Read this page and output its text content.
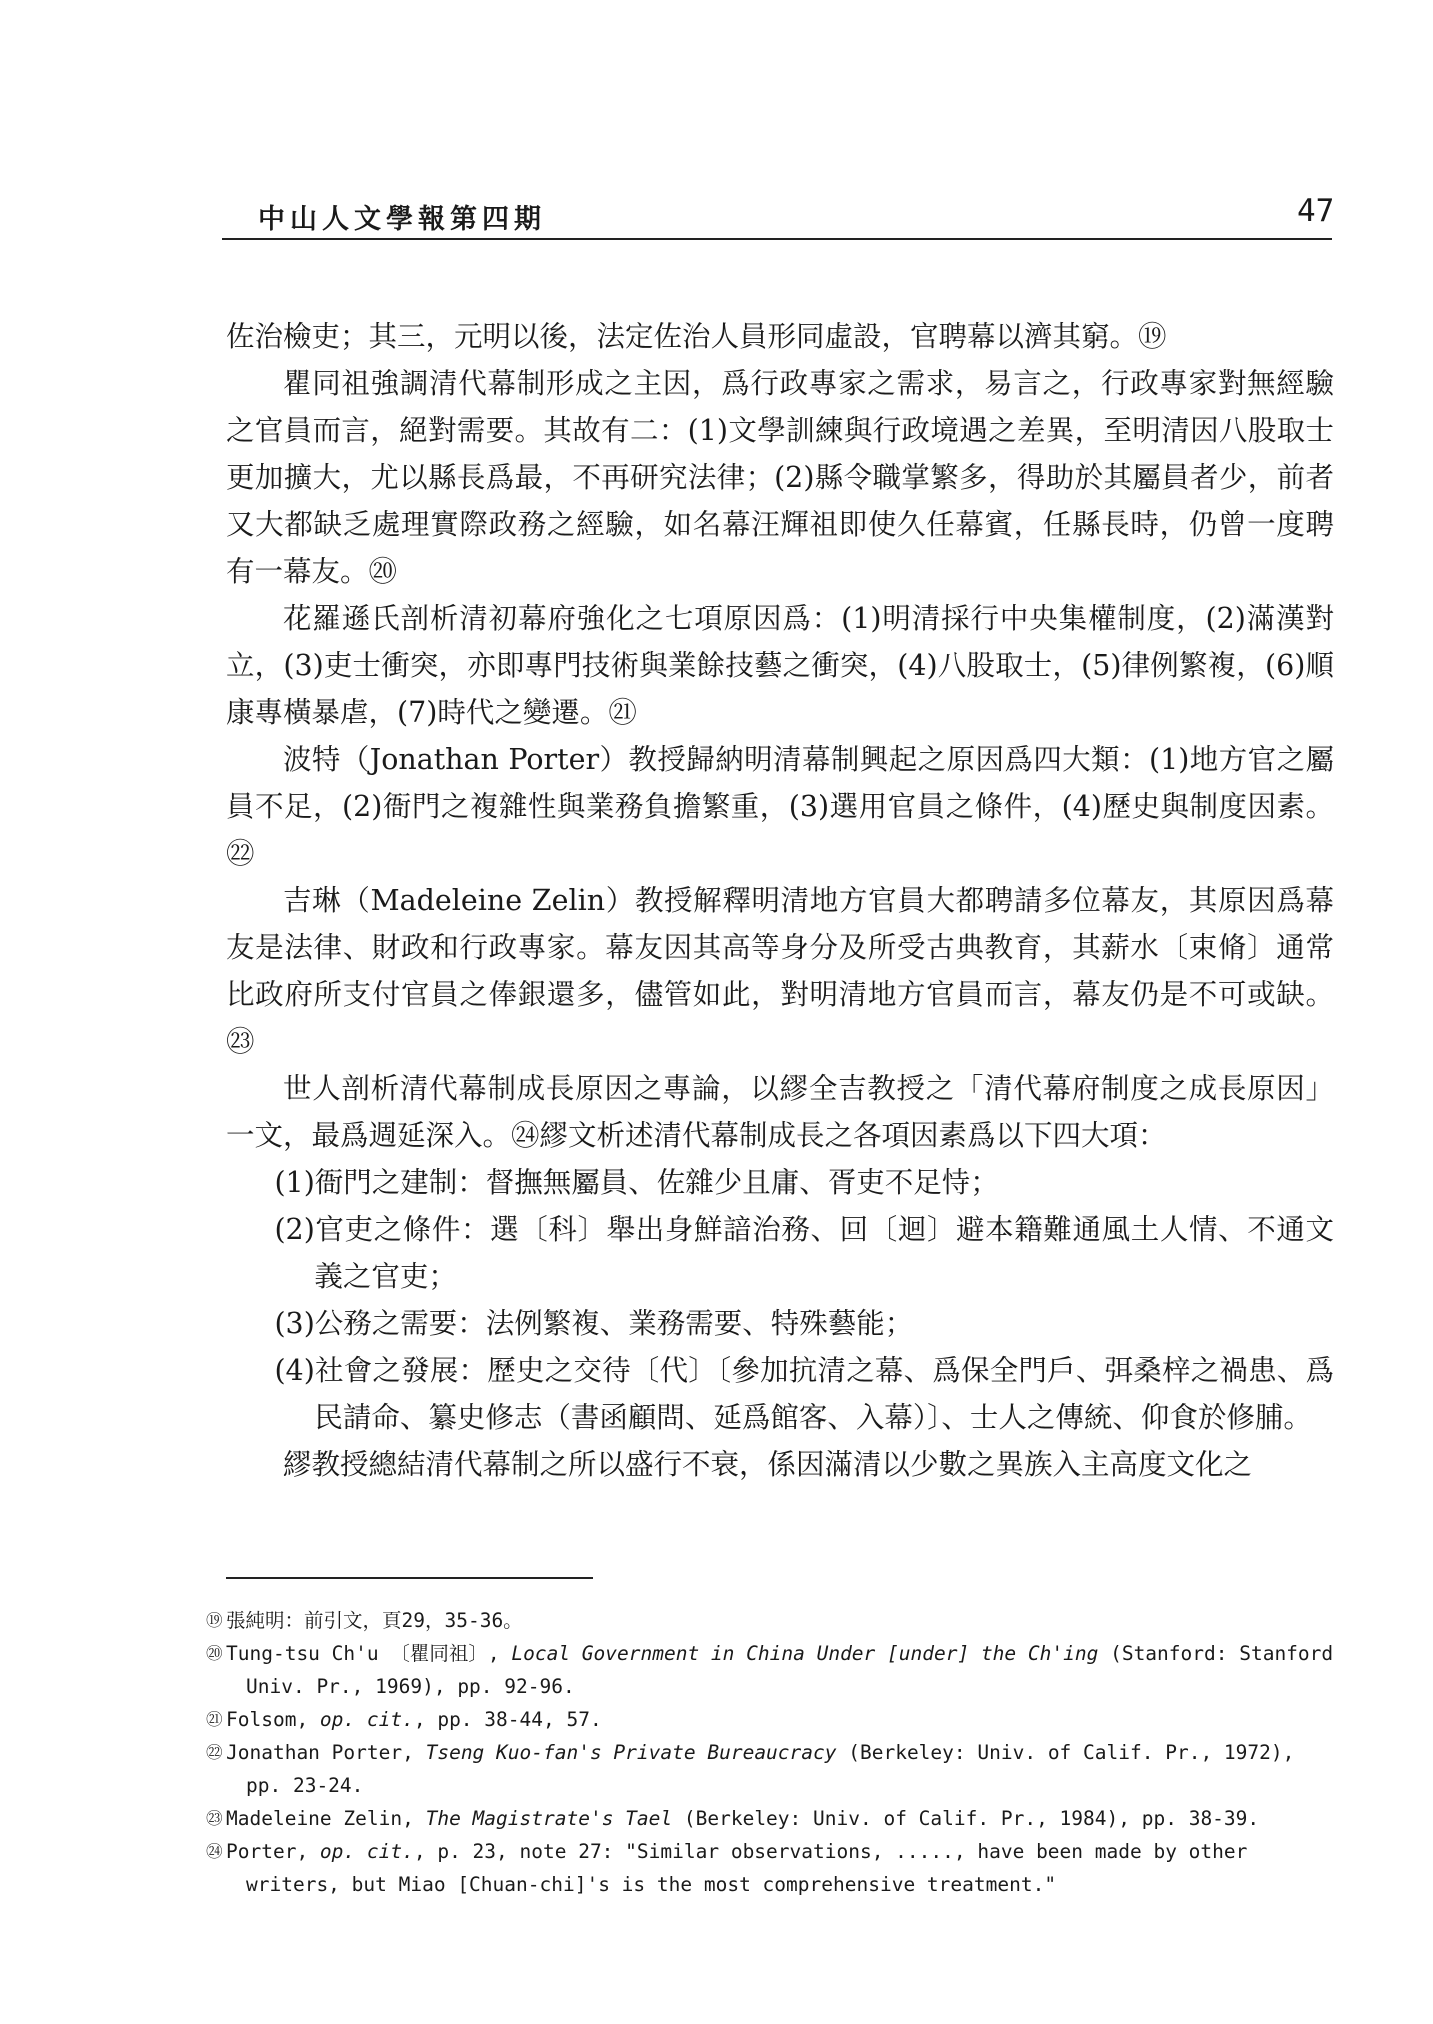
中山人文學報第四期	47

佐治檢吏；其三，元明以後，法定佐治人員形同虛設，官聘幕以濟其窮。⑲

瞿同祖強調清代幕制形成之主因，爲行政專家之需求，易言之，行政專家對無經驗之官員而言，絕對需要。其故有二：(1)文學訓練與行政境遇之差異，至明清因八股取士更加擴大，尤以縣長爲最，不再研究法律；(2)縣令職掌繁多，得助於其屬員者少，前者又大都缺乏處理實際政務之經驗，如名幕汪輝祖即使久任幕賓，任縣長時，仍曾一度聘有一幕友。⑳

花羅遜氏剖析清初幕府強化之七項原因爲：(1)明清採行中央集權制度，(2)滿漢對立，(3)吏士衝突，亦即專門技術與業餘技藝之衝突，(4)八股取士，(5)律例繁複，(6)順康專橫暴虐，(7)時代之變遷。㉑

波特（Jonathan Porter）教授歸納明清幕制興起之原因爲四大類：(1)地方官之屬員不足，(2)衙門之複雜性與業務負擔繁重，(3)選用官員之條件，(4)歷史與制度因素。㉒

吉琳（Madeleine Zelin）教授解釋明清地方官員大都聘請多位幕友，其原因爲幕友是法律、財政和行政專家。幕友因其高等身分及所受古典教育，其薪水〔束脩〕通常比政府所支付官員之俸銀還多，儘管如此，對明清地方官員而言，幕友仍是不可或缺。㉓

世人剖析清代幕制成長原因之專論，以繆全吉教授之「清代幕府制度之成長原因」一文，最爲週延深入。㉔繆文析述清代幕制成長之各項因素爲以下四大項：

(1)衙門之建制：督撫無屬員、佐雜少且庸、胥吏不足恃；

(2)官吏之條件：選〔科〕舉出身鮮諳治務、回〔迴〕避本籍難通風土人情、不通文義之官吏；

(3)公務之需要：法例繁複、業務需要、特殊藝能；

(4)社會之發展：歷史之交待〔代〕〔參加抗清之幕、爲保全門戶、弭桑梓之禍患、爲民請命、纂史修志（書函顧問、延爲館客、入幕）〕、士人之傳統、仰食於修脯。

繆教授總結清代幕制之所以盛行不衰，係因滿清以少數之異族入主高度文化之

⑲ 張純明：前引文，頁29，35-36。

⑳ Tung-tsu Ch'u 〔瞿同祖〕, Local Government in China Under [under] the Ch'ing (Stanford: Stanford Univ. Pr., 1969), pp. 92-96.

㉑ Folsom, op. cit., pp. 38-44, 57.

㉒ Jonathan Porter, Tseng Kuo-fan's Private Bureaucracy (Berkeley: Univ. of Calif. Pr., 1972), pp. 23-24.

㉓ Madeleine Zelin, The Magistrate's Tael (Berkeley: Univ. of Calif. Pr., 1984), pp. 38-39.

㉔ Porter, op. cit., p. 23, note 27: "Similar observations, ....., have been made by other writers, but Miao [Chuan-chi]'s is the most comprehensive treatment."
